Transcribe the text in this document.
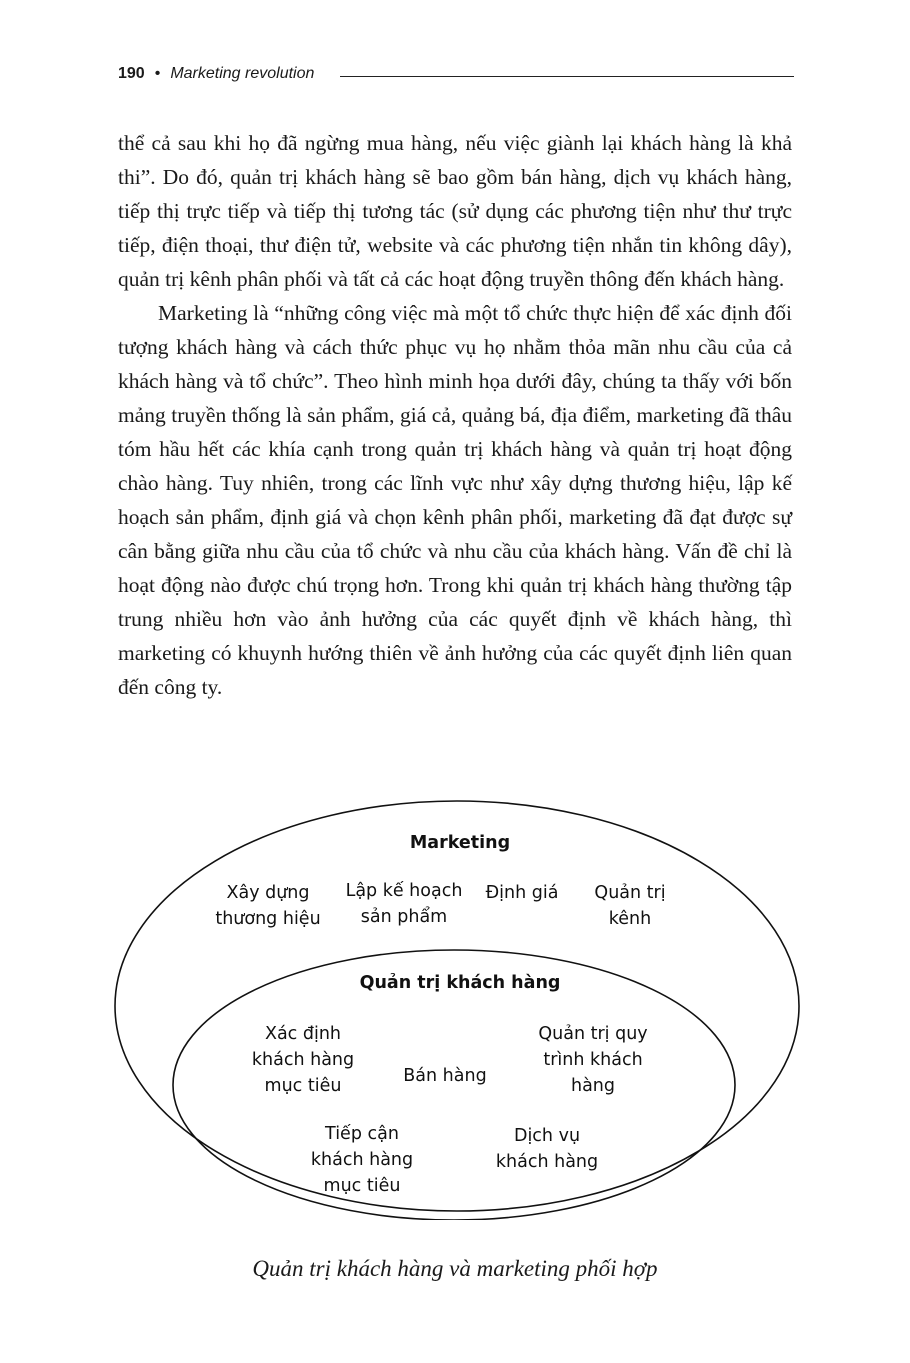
190 • Marketing revolution

thể cả sau khi họ đã ngừng mua hàng, nếu việc giành lại khách hàng là khả thi”. Do đó, quản trị khách hàng sẽ bao gồm bán hàng, dịch vụ khách hàng, tiếp thị trực tiếp và tiếp thị tương tác (sử dụng các phương tiện như thư trực tiếp, điện thoại, thư điện tử, website và các phương tiện nhắn tin không dây), quản trị kênh phân phối và tất cả các hoạt động truyền thông đến khách hàng.

Marketing là “những công việc mà một tổ chức thực hiện để xác định đối tượng khách hàng và cách thức phục vụ họ nhằm thỏa mãn nhu cầu của cả khách hàng và tổ chức”. Theo hình minh họa dưới đây, chúng ta thấy với bốn mảng truyền thống là sản phẩm, giá cả, quảng bá, địa điểm, marketing đã thâu tóm hầu hết các khía cạnh trong quản trị khách hàng và quản trị hoạt động chào hàng. Tuy nhiên, trong các lĩnh vực như xây dựng thương hiệu, lập kế hoạch sản phẩm, định giá và chọn kênh phân phối, marketing đã đạt được sự cân bằng giữa nhu cầu của tổ chức và nhu cầu của khách hàng. Vấn đề chỉ là hoạt động nào được chú trọng hơn. Trong khi quản trị khách hàng thường tập trung nhiều hơn vào ảnh hưởng của các quyết định về khách hàng, thì marketing có khuynh hướng thiên về ảnh hưởng của các quyết định liên quan đến công ty.

Marketing
Xây dựng
thương hiệu
Lập kế hoạch
sản phẩm
Định giá Quản trị
kênh
Quản trị khách hàng
Xác định
khách hàng
mục tiêu	Bán hàng
Quản trị quy
trình khách
hàng
Tiếp cận
khách hàng
mục tiêu
Dịch vụ
khách hàng
Quản trị khách hàng và marketing phối hợp
